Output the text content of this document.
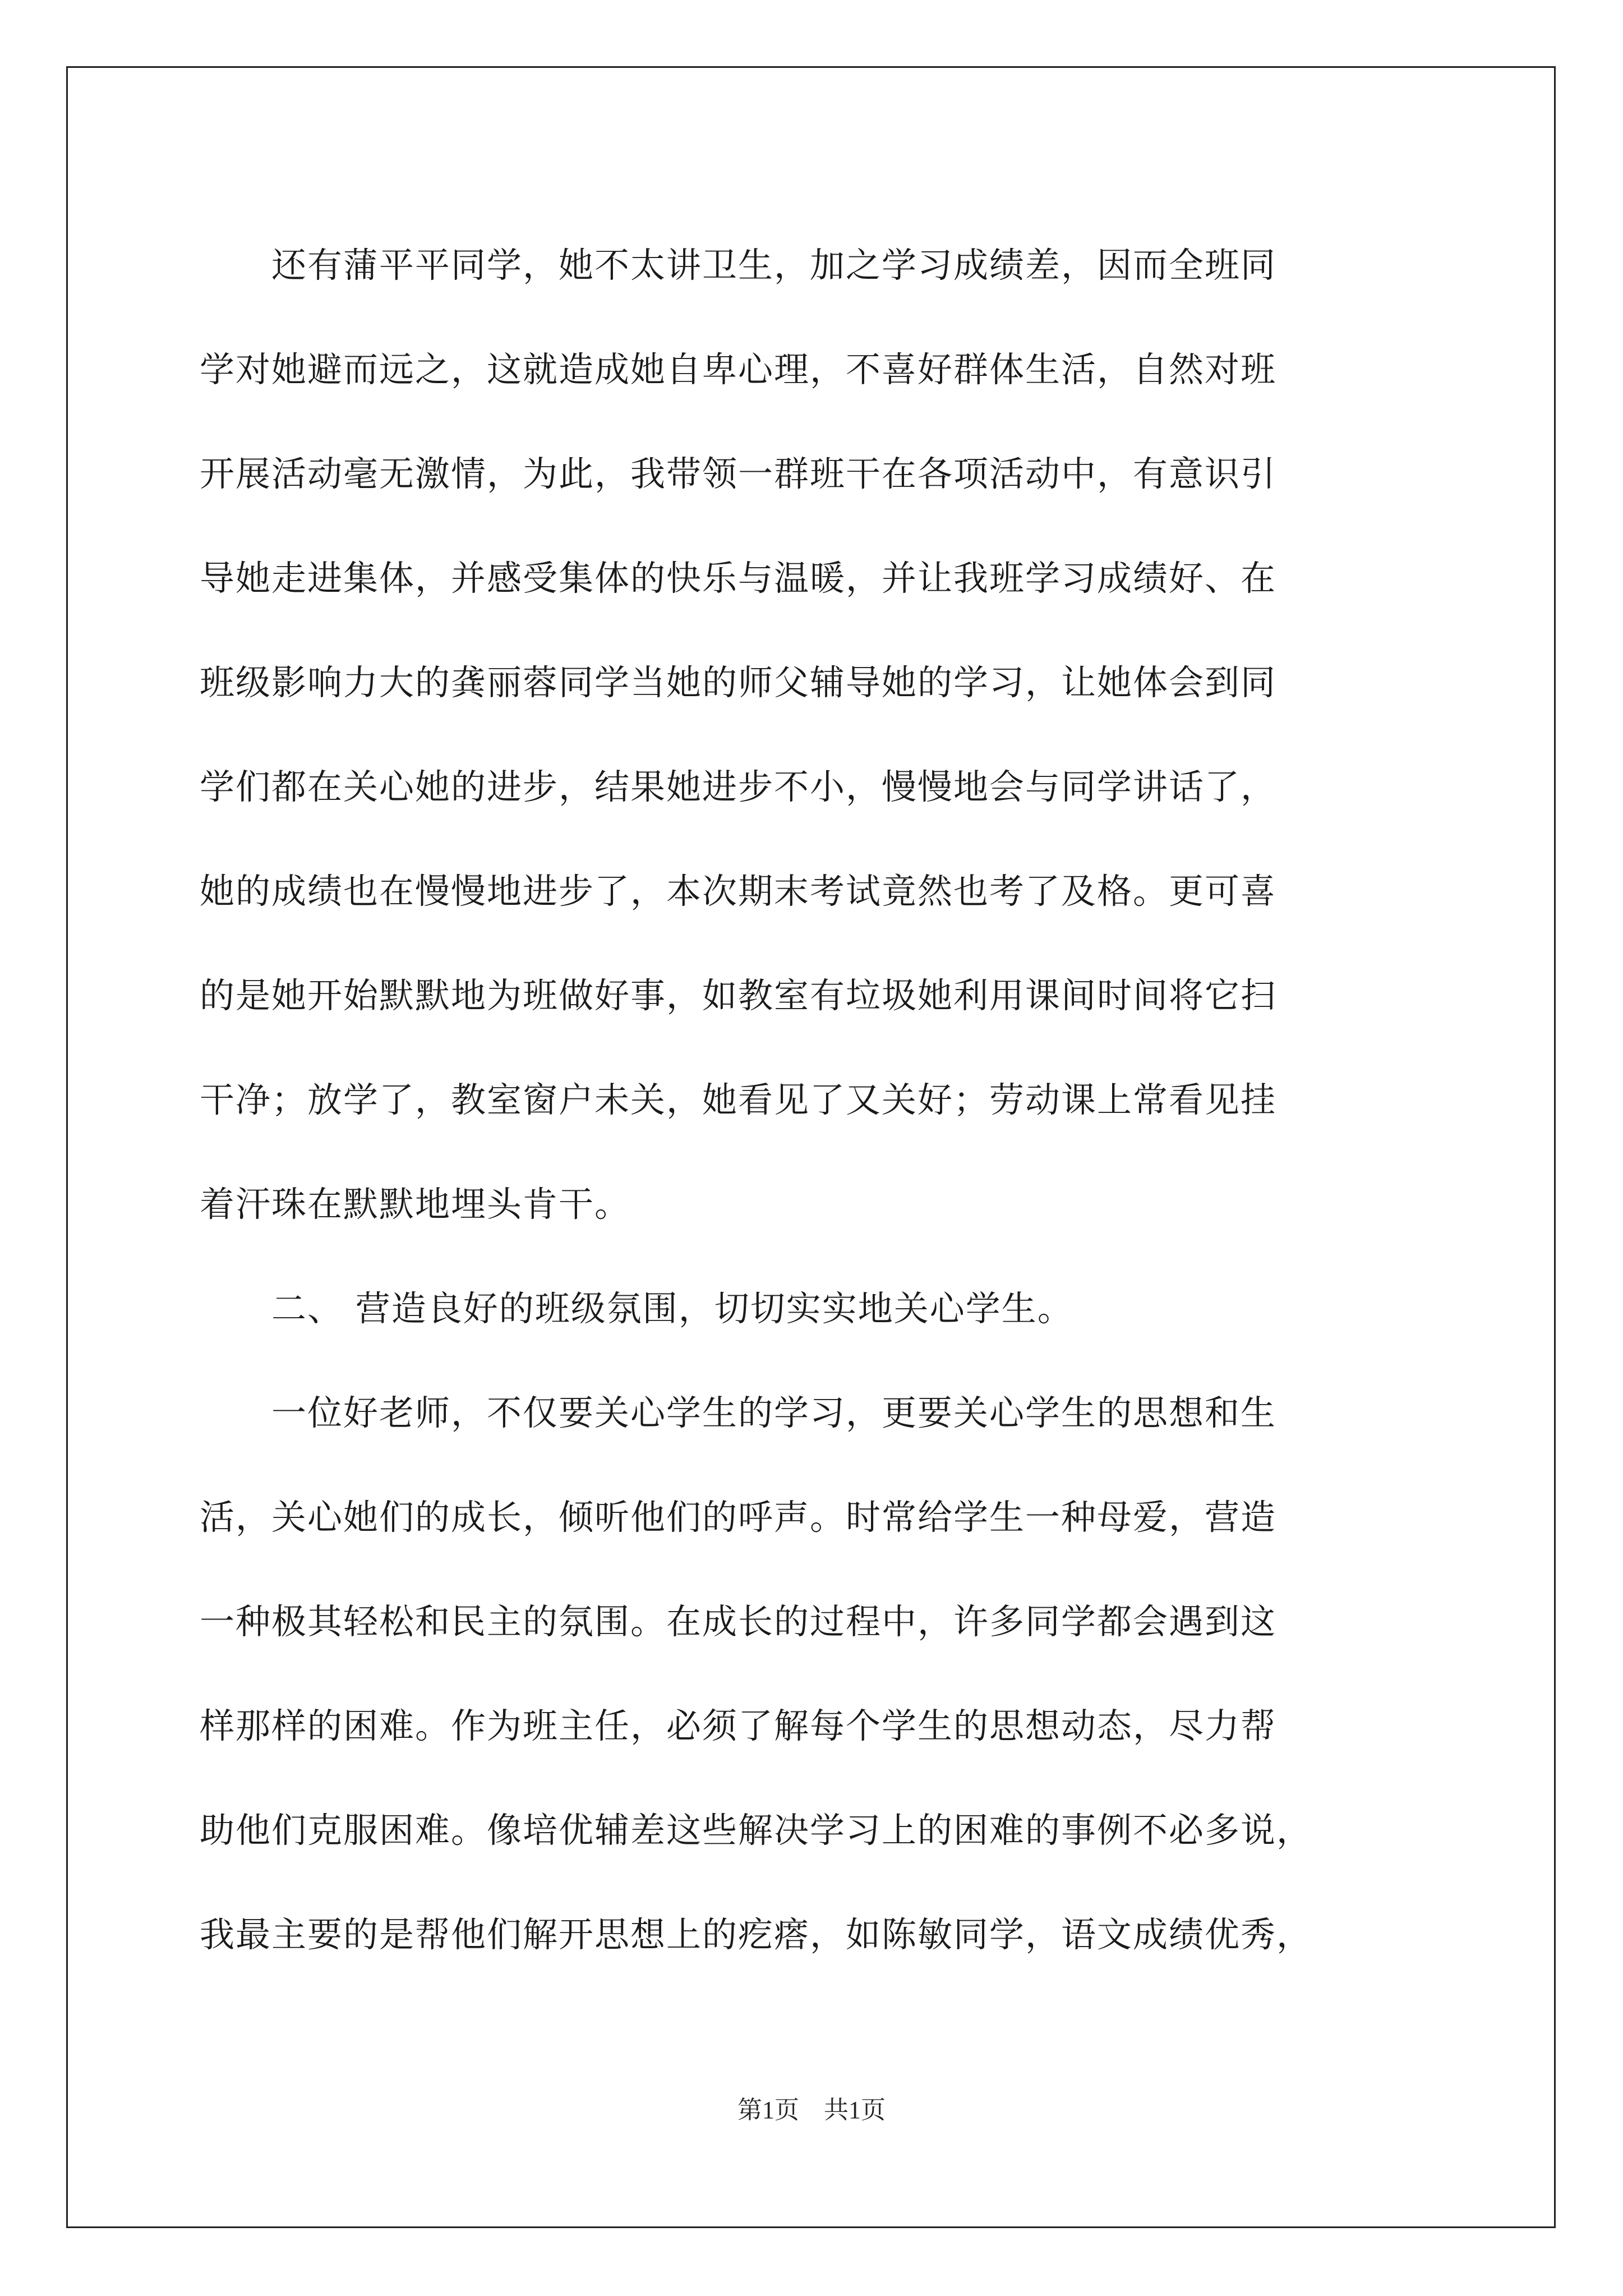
　　还有蒲平平同学，她不太讲卫生，加之学习成绩差，因而全班同
学对她避而远之，这就造成她自卑心理，不喜好群体生活，自然对班
开展活动毫无激情，为此，我带领一群班干在各项活动中，有意识引
导她走进集体，并感受集体的快乐与温暖，并让我班学习成绩好、在
班级影响力大的龚丽蓉同学当她的师父辅导她的学习，让她体会到同
学们都在关心她的进步，结果她进步不小，慢慢地会与同学讲话了，
她的成绩也在慢慢地进步了，本次期末考试竟然也考了及格。更可喜
的是她开始默默地为班做好事，如教室有垃圾她利用课间时间将它扫
干净；放学了，教室窗户未关，她看见了又关好；劳动课上常看见挂
着汗珠在默默地埋头肯干。
　　二、 营造良好的班级氛围，切切实实地关心学生。
　　一位好老师，不仅要关心学生的学习，更要关心学生的思想和生
活，关心她们的成长，倾听他们的呼声。时常给学生一种母爱，营造
一种极其轻松和民主的氛围。在成长的过程中，许多同学都会遇到这
样那样的困难。作为班主任，必须了解每个学生的思想动态，尽力帮
助他们克服困难。像培优辅差这些解决学习上的困难的事例不必多说，
我最主要的是帮他们解开思想上的疙瘩，如陈敏同学，语文成绩优秀，
第1页　共1页
